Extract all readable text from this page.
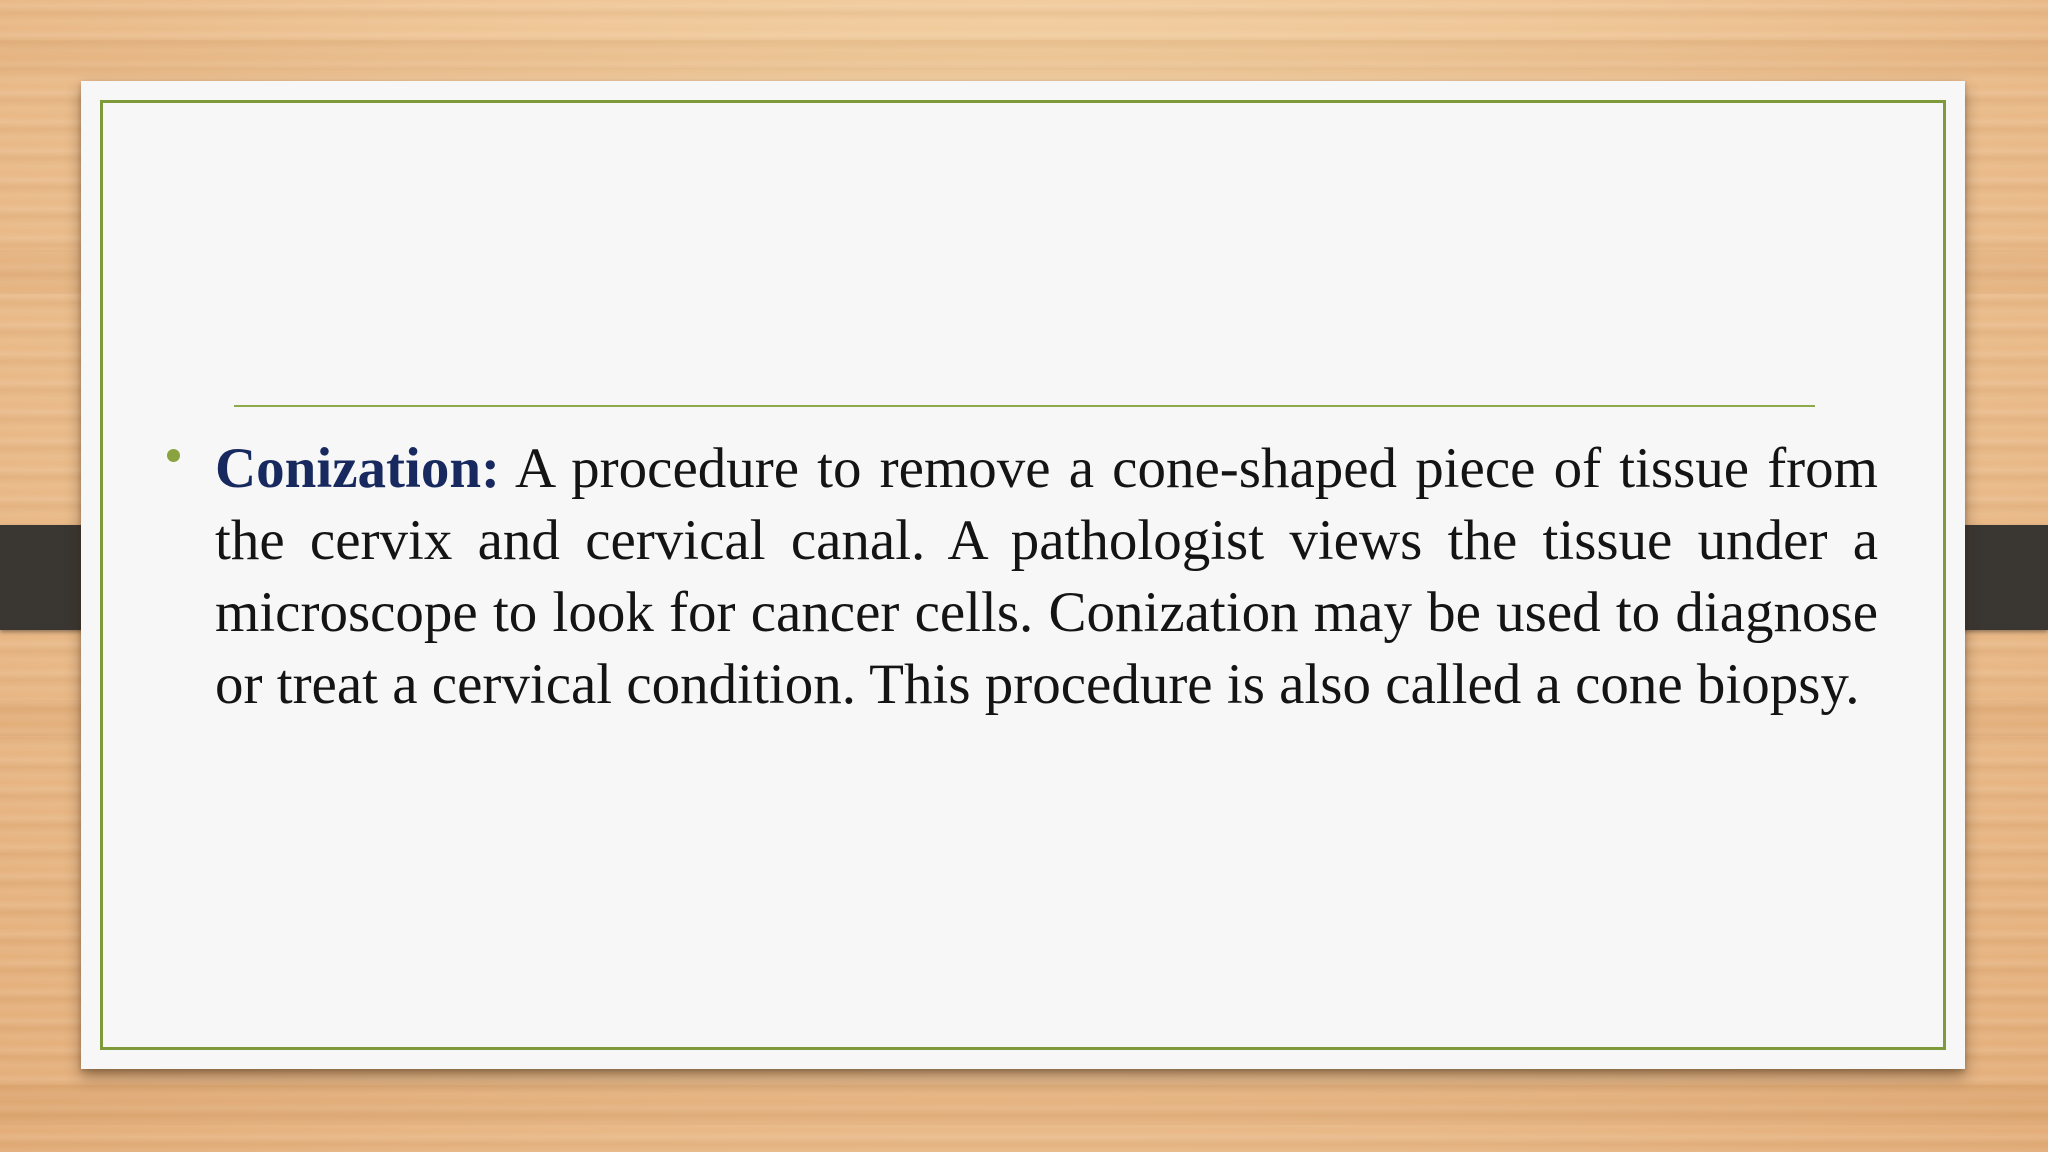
Conization: A procedure to remove a cone-shaped piece of tissue from the cervix and cervical canal. A pathologist views the tissue under a microscope to look for cancer cells. Conization may be used to diagnose or treat a cervical condition. This procedure is also called a cone biopsy.
